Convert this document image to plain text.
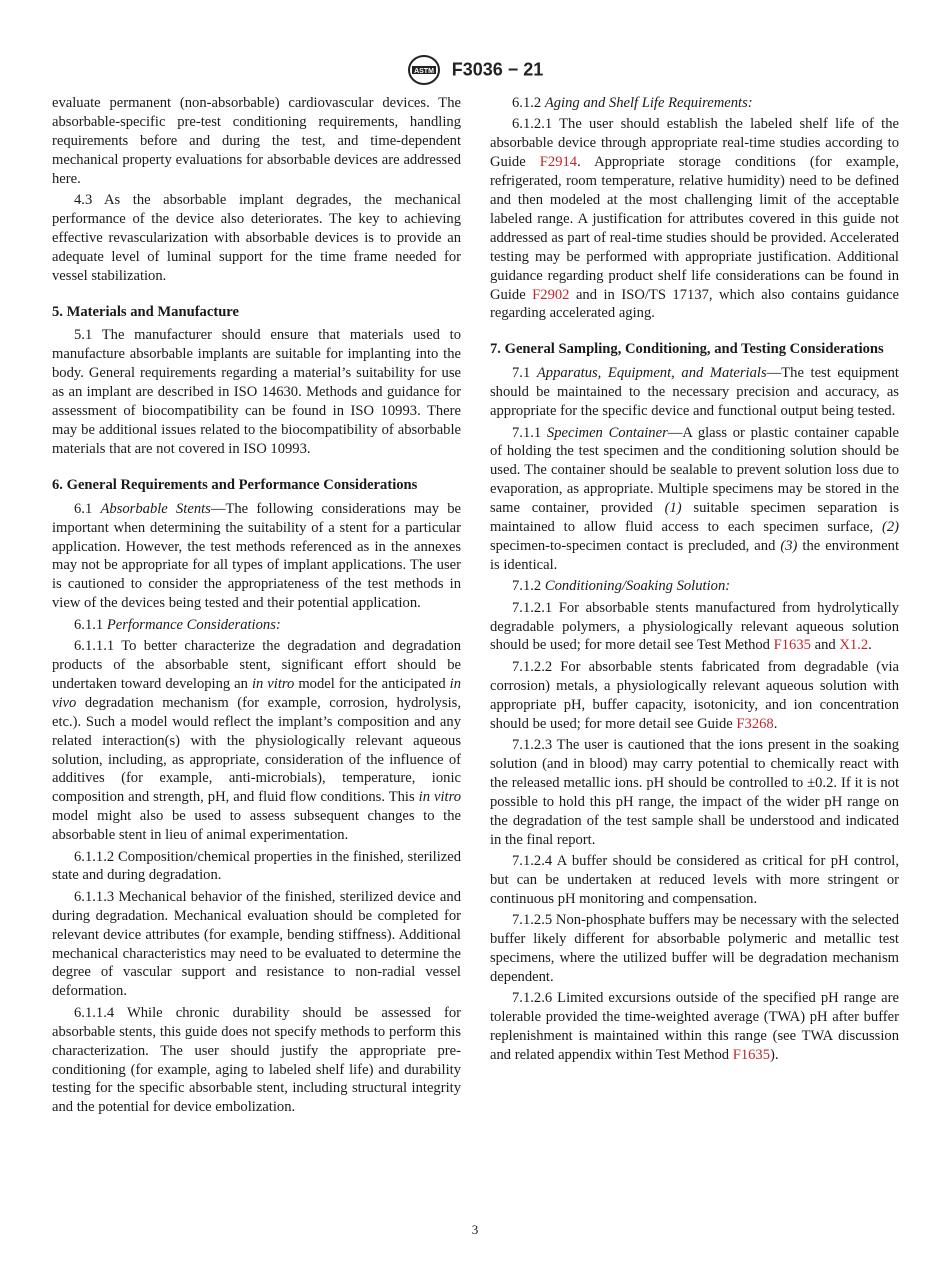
ASTM F3036 − 21

evaluate permanent (non-absorbable) cardiovascular devices. The absorbable-specific pre-test conditioning requirements, handling requirements before and during the test, and time-dependent mechanical property evaluations for absorbable devices are addressed here.

4.3 As the absorbable implant degrades, the mechanical performance of the device also deteriorates. The key to achieving effective revascularization with absorbable devices is to provide an adequate level of luminal support for the time frame needed for vessel stabilization.

5. Materials and Manufacture

5.1 The manufacturer should ensure that materials used to manufacture absorbable implants are suitable for implanting into the body. General requirements regarding a material’s suitability for use as an implant are described in ISO 14630. Methods and guidance for assessment of biocompatibility can be found in ISO 10993. There may be additional issues related to the biocompatibility of absorbable materials that are not covered in ISO 10993.

6. General Requirements and Performance Considerations

6.1 Absorbable Stents—The following considerations may be important when determining the suitability of a stent for a particular application. However, the test methods referenced as in the annexes may not be appropriate for all types of implant applications. The user is cautioned to consider the appropriateness of the test methods in view of the devices being tested and their potential application.

6.1.1 Performance Considerations:

6.1.1.1 To better characterize the degradation and degradation products of the absorbable stent, significant effort should be undertaken toward developing an in vitro model for the anticipated in vivo degradation mechanism (for example, corrosion, hydrolysis, etc.). Such a model would reflect the implant’s composition and any related interaction(s) with the physiologically relevant aqueous solution, including, as appropriate, consideration of the influence of additives (for example, anti-microbials), temperature, ionic composition and strength, pH, and fluid flow conditions. This in vitro model might also be used to assess subsequent changes to the absorbable stent in lieu of animal experimentation.

6.1.1.2 Composition/chemical properties in the finished, sterilized state and during degradation.

6.1.1.3 Mechanical behavior of the finished, sterilized device and during degradation. Mechanical evaluation should be completed for relevant device attributes (for example, bending stiffness). Additional mechanical characteristics may need to be evaluated to determine the degree of vascular support and resistance to non-radial vessel deformation.

6.1.1.4 While chronic durability should be assessed for absorbable stents, this guide does not specify methods to perform this characterization. The user should justify the appropriate pre-conditioning (for example, aging to labeled shelf life) and durability testing for the specific absorbable stent, including structural integrity and the potential for device embolization.

6.1.2 Aging and Shelf Life Requirements:

6.1.2.1 The user should establish the labeled shelf life of the absorbable device through appropriate real-time studies according to Guide F2914. Appropriate storage conditions (for example, refrigerated, room temperature, relative humidity) need to be defined and then modeled at the most challenging limit of the acceptable labeled range. A justification for attributes covered in this guide not addressed as part of real-time studies should be provided. Accelerated testing may be performed with appropriate justification. Additional guidance regarding product shelf life considerations can be found in Guide F2902 and in ISO/TS 17137, which also contains guidance regarding accelerated aging.

7. General Sampling, Conditioning, and Testing Considerations

7.1 Apparatus, Equipment, and Materials—The test equipment should be maintained to the necessary precision and accuracy, as appropriate for the specific device and functional output being tested.

7.1.1 Specimen Container—A glass or plastic container capable of holding the test specimen and the conditioning solution should be used. The container should be sealable to prevent solution loss due to evaporation, as appropriate. Multiple specimens may be stored in the same container, provided (1) suitable specimen separation is maintained to allow fluid access to each specimen surface, (2) specimen-to-specimen contact is precluded, and (3) the environment is identical.

7.1.2 Conditioning/Soaking Solution:

7.1.2.1 For absorbable stents manufactured from hydrolytically degradable polymers, a physiologically relevant aqueous solution should be used; for more detail see Test Method F1635 and X1.2.

7.1.2.2 For absorbable stents fabricated from degradable (via corrosion) metals, a physiologically relevant aqueous solution with appropriate pH, buffer capacity, isotonicity, and ion concentration should be used; for more detail see Guide F3268.

7.1.2.3 The user is cautioned that the ions present in the soaking solution (and in blood) may carry potential to chemically react with the released metallic ions. pH should be controlled to ±0.2. If it is not possible to hold this pH range, the impact of the wider pH range on the degradation of the test sample shall be understood and indicated in the final report.

7.1.2.4 A buffer should be considered as critical for pH control, but can be undertaken at reduced levels with more stringent or continuous pH monitoring and compensation.

7.1.2.5 Non-phosphate buffers may be necessary with the selected buffer likely different for absorbable polymeric and metallic test specimens, where the utilized buffer will be degradation mechanism dependent.

7.1.2.6 Limited excursions outside of the specified pH range are tolerable provided the time-weighted average (TWA) pH after buffer replenishment is maintained within this range (see TWA discussion and related appendix within Test Method F1635).

3
